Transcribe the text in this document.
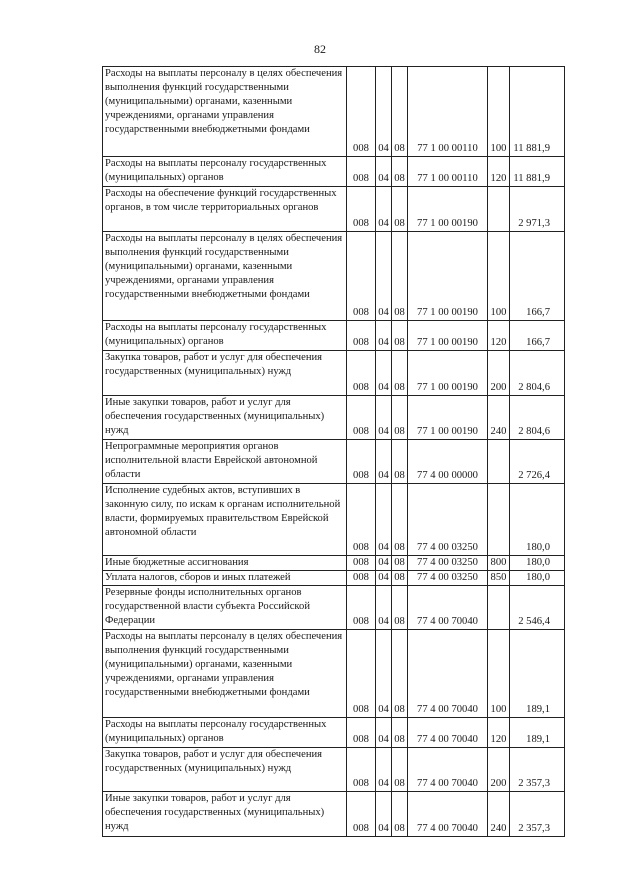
82
Расходы на выплаты персоналу в целях обеспечения выполнения функций государственными (муниципальными) органами, казенными учреждениями, органами управления государственными внебюджетными фондами	008	04	08	77 1 00 00110	100	11 881,9
Расходы на выплаты персоналу государственных (муниципальных) органов	008	04	08	77 1 00 00110	120	11 881,9
Расходы на обеспечение функций государственных органов, в том числе территориальных органов	008	04	08	77 1 00 00190		2 971,3
Расходы на выплаты персоналу в целях обеспечения выполнения функций государственными (муниципальными) органами, казенными учреждениями, органами управления государственными внебюджетными фондами	008	04	08	77 1 00 00190	100	166,7
Расходы на выплаты персоналу государственных (муниципальных) органов	008	04	08	77 1 00 00190	120	166,7
Закупка товаров, работ и услуг для обеспечения государственных (муниципальных) нужд	008	04	08	77 1 00 00190	200	2 804,6
Иные закупки товаров, работ и услуг для обеспечения государственных (муниципальных) нужд	008	04	08	77 1 00 00190	240	2 804,6
Непрограммные мероприятия органов исполнительной власти Еврейской автономной области	008	04	08	77 4 00 00000		2 726,4
Исполнение судебных актов, вступивших в законную силу, по искам к органам исполнительной власти, формируемых правительством Еврейской автономной области	008	04	08	77 4 00 03250		180,0
Иные бюджетные ассигнования	008	04	08	77 4 00 03250	800	180,0
Уплата налогов, сборов и иных платежей	008	04	08	77 4 00 03250	850	180,0
Резервные фонды исполнительных органов государственной власти субъекта Российской Федерации	008	04	08	77 4 00 70040		2 546,4
Расходы на выплаты персоналу в целях обеспечения выполнения функций государственными (муниципальными) органами, казенными учреждениями, органами управления государственными внебюджетными фондами	008	04	08	77 4 00 70040	100	189,1
Расходы на выплаты персоналу государственных (муниципальных) органов	008	04	08	77 4 00 70040	120	189,1
Закупка товаров, работ и услуг для обеспечения государственных (муниципальных) нужд	008	04	08	77 4 00 70040	200	2 357,3
Иные закупки товаров, работ и услуг для обеспечения государственных (муниципальных) нужд	008	04	08	77 4 00 70040	240	2 357,3
